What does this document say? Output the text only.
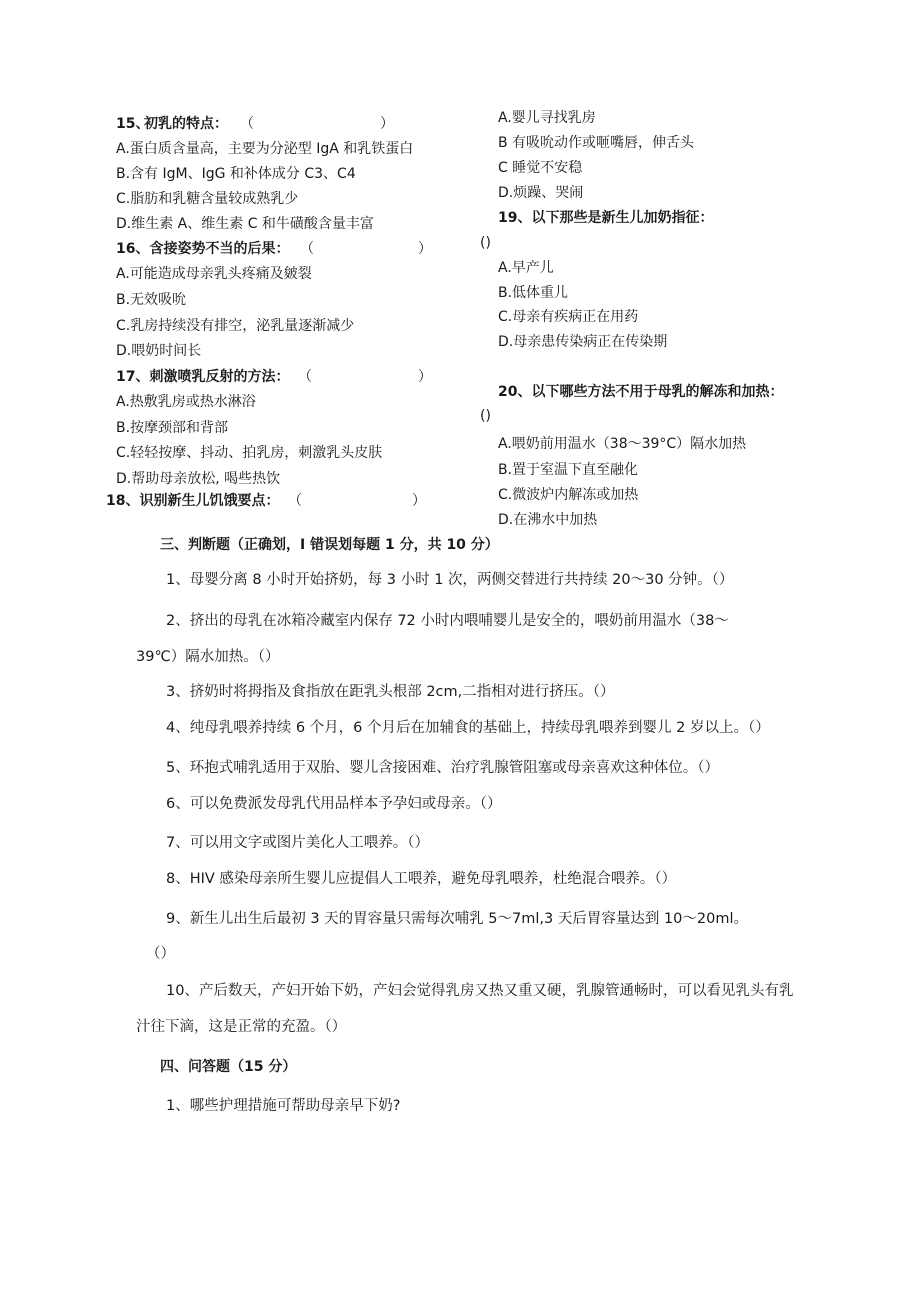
15、
初乳的特点： （	）
A.蛋白质含量高，主要为分泌型 IgA 和乳铁蛋白
B.含有 IgM、IgG 和补体成分 C3、C4
C.脂肪和乳糖含量较成熟乳少
D.维生素 A、维生素 C 和牛磺酸含量丰富
16、含接姿势不当的后果： （	）
A.可能造成母亲乳头疼痛及皴裂
B.无效吸吮
C.乳房持续没有排空，泌乳量逐渐减少
D.喂奶时间长
17、刺激喷乳反射的方法： （	）
A.热敷乳房或热水淋浴
B.按摩颈部和背部
C.轻轻按摩、抖动、拍乳房，刺激乳头皮肤
D.帮助母亲放松, 喝些热饮
18、识别新生儿饥饿要点： （	）
A.婴儿寻找乳房
B 有吸吮动作或咂嘴唇，伸舌头
C 睡觉不安稳
D.烦躁、哭闹
19、以下那些是新生儿加奶指征：
()
A.早产儿
B.低体重儿
C.母亲有疾病正在用药
D.母亲患传染病正在传染期
20、以下哪些方法不用于母乳的解冻和加热：
()
A.喂奶前用温水（38～39°C）隔水加热
B.置于室温下直至融化
C.微波炉内解冻或加热
D.在沸水中加热
三、判断题（正确划，I 错误划每题 1 分，共 10 分）
1、母婴分离 8 小时开始挤奶，每 3 小时 1 次，两侧交替进行共持续 20～30 分钟。（）
2、挤出的母乳在冰箱冷藏室内保存 72 小时内喂哺婴儿是安全的，喂奶前用温水（38～
39℃）隔水加热。（）
3、挤奶时将拇指及食指放在距乳头根部 2cm,二指相对进行挤压。（）
4、纯母乳喂养持续 6 个月，6 个月后在加辅食的基础上，持续母乳喂养到婴儿 2 岁以上。（）
5、环抱式哺乳适用于双胎、婴儿含接困难、治疗乳腺管阻塞或母亲喜欢这种体位。（）
6、可以免费派发母乳代用品样本予孕妇或母亲。（）
7、可以用文字或图片美化人工喂养。（）
8、HIV 感染母亲所生婴儿应提倡人工喂养，避免母乳喂养，杜绝混合喂养。（）
9、新生儿出生后最初 3 天的胃容量只需每次哺乳 5～7ml,3 天后胃容量达到 10～20ml。
（）
10、产后数天，产妇开始下奶，产妇会觉得乳房又热又重又硬，乳腺管通畅时，可以看见乳头有乳
汁往下滴，这是正常的充盈。（）
四、问答题（15 分）
1、哪些护理措施可帮助母亲早下奶?
